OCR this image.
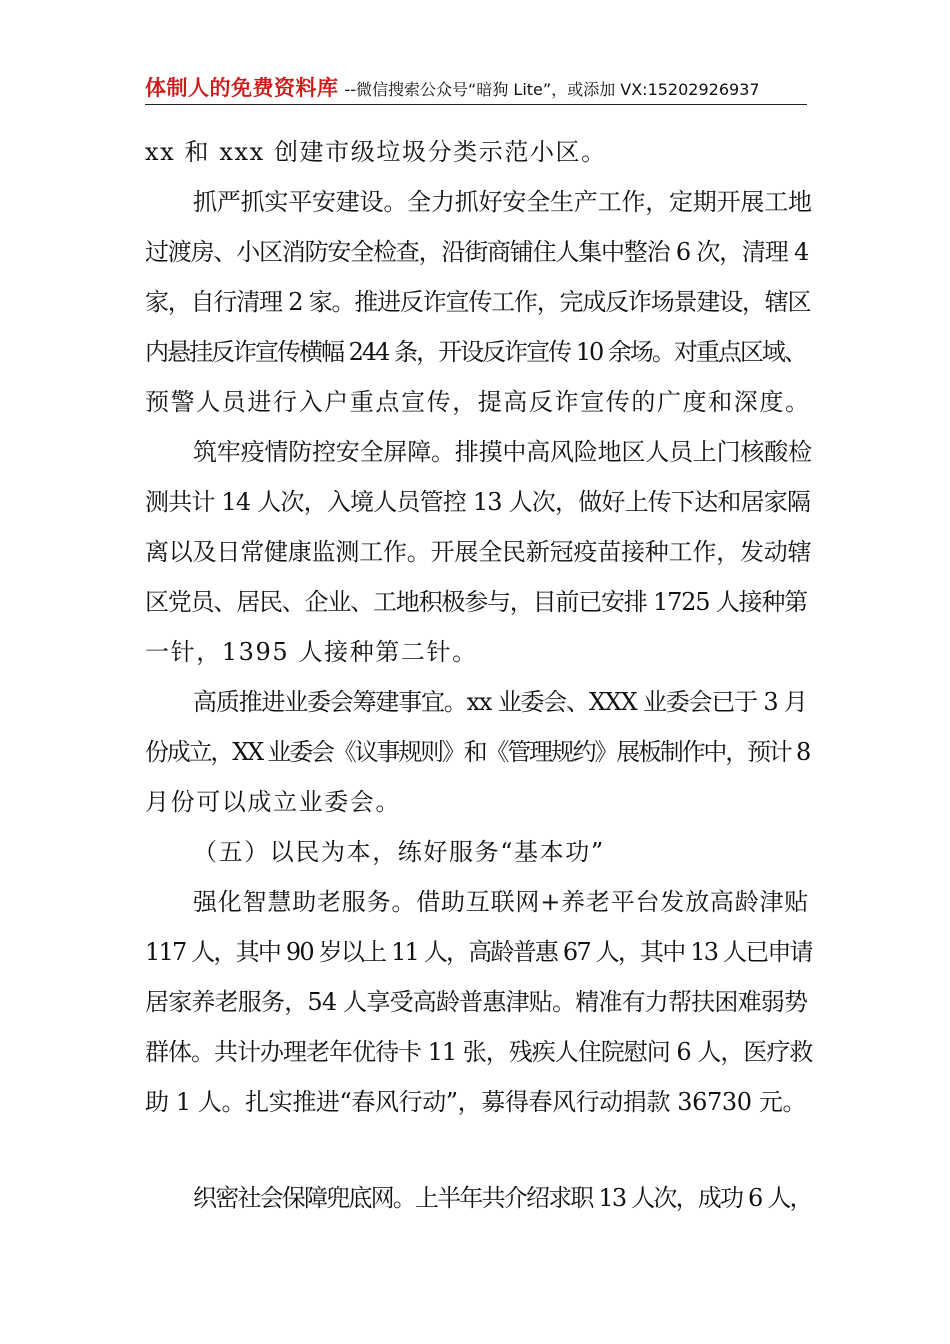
体制人的免费资料库 --微信搜索公众号“暗狗 Lite”，或添加 VX:15202926937
xx 和 xxx 创建市级垃圾分类示范小区。
抓严抓实平安建设。全力抓好安全生产工作，定期开展工地
过渡房、小区消防安全检查，沿街商铺住人集中整治 6 次，清理 4
家，自行清理 2 家。推进反诈宣传工作，完成反诈场景建设，辖区
内悬挂反诈宣传横幅 244 条，开设反诈宣传 10 余场。对重点区域、
预警人员进行入户重点宣传，提高反诈宣传的广度和深度。
筑牢疫情防控安全屏障。排摸中高风险地区人员上门核酸检
测共计 14 人次，入境人员管控 13 人次，做好上传下达和居家隔
离以及日常健康监测工作。开展全民新冠疫苗接种工作，发动辖
区党员、居民、企业、工地积极参与，目前已安排 1725 人接种第
一针，1395 人接种第二针。
高质推进业委会筹建事宜。xx 业委会、XXX 业委会已于 3 月
份成立，XX 业委会《议事规则》和《管理规约》展板制作中，预计 8
月份可以成立业委会。
（五）以民为本，练好服务“基本功”
强化智慧助老服务。借助互联网+养老平台发放高龄津贴
117 人，其中 90 岁以上 11 人，高龄普惠 67 人，其中 13 人已申请
居家养老服务，54 人享受高龄普惠津贴。精准有力帮扶困难弱势
群体。共计办理老年优待卡 11 张，残疾人住院慰问 6 人，医疗救
助 1 人。扎实推进“春风行动”，募得春风行动捐款 36730 元。
织密社会保障兜底网。上半年共介绍求职 13 人次，成功 6 人，
